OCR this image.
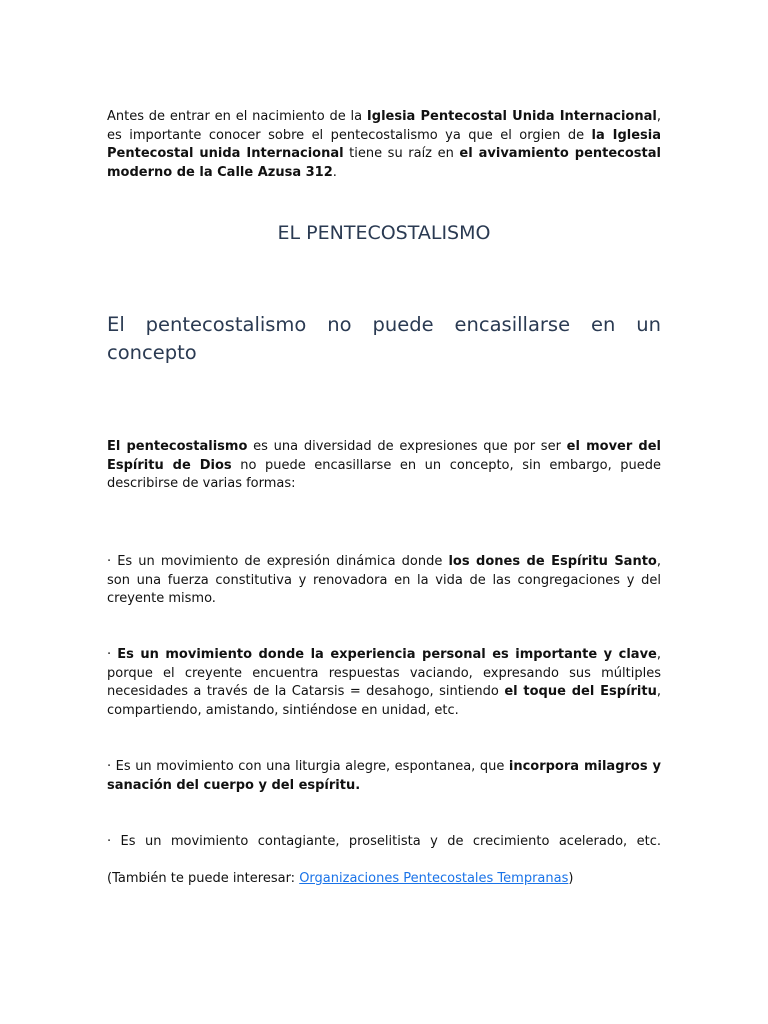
Antes de entrar en el nacimiento de la Iglesia Pentecostal Unida Internacional, es importante conocer sobre el pentecostalismo ya que el orgien de la Iglesia Pentecostal unida Internacional tiene su raíz en el avivamiento pentecostal moderno de la Calle Azusa 312.

EL PENTECOSTALISMO
El pentecostalismo no puede encasillarse en un concepto

El pentecostalismo es una diversidad de expresiones que por ser el mover del Espíritu de Dios no puede encasillarse en un concepto, sin embargo, puede describirse de varias formas:

· Es un movimiento de expresión dinámica donde los dones de Espíritu Santo, son una fuerza constitutiva y renovadora en la vida de las congregaciones y del creyente mismo.

· Es un movimiento donde la experiencia personal es importante y clave, porque el creyente encuentra respuestas vaciando, expresando sus múltiples necesidades a través de la Catarsis = desahogo, sintiendo el toque del Espíritu, compartiendo, amistando, sintiéndose en unidad, etc.

· Es un movimiento con una liturgia alegre, espontanea, que incorpora milagros y sanación del cuerpo y del espíritu.

· Es un movimiento contagiante, proselitista y de crecimiento acelerado, etc.

(También te puede interesar: Organizaciones Pentecostales Tempranas)
